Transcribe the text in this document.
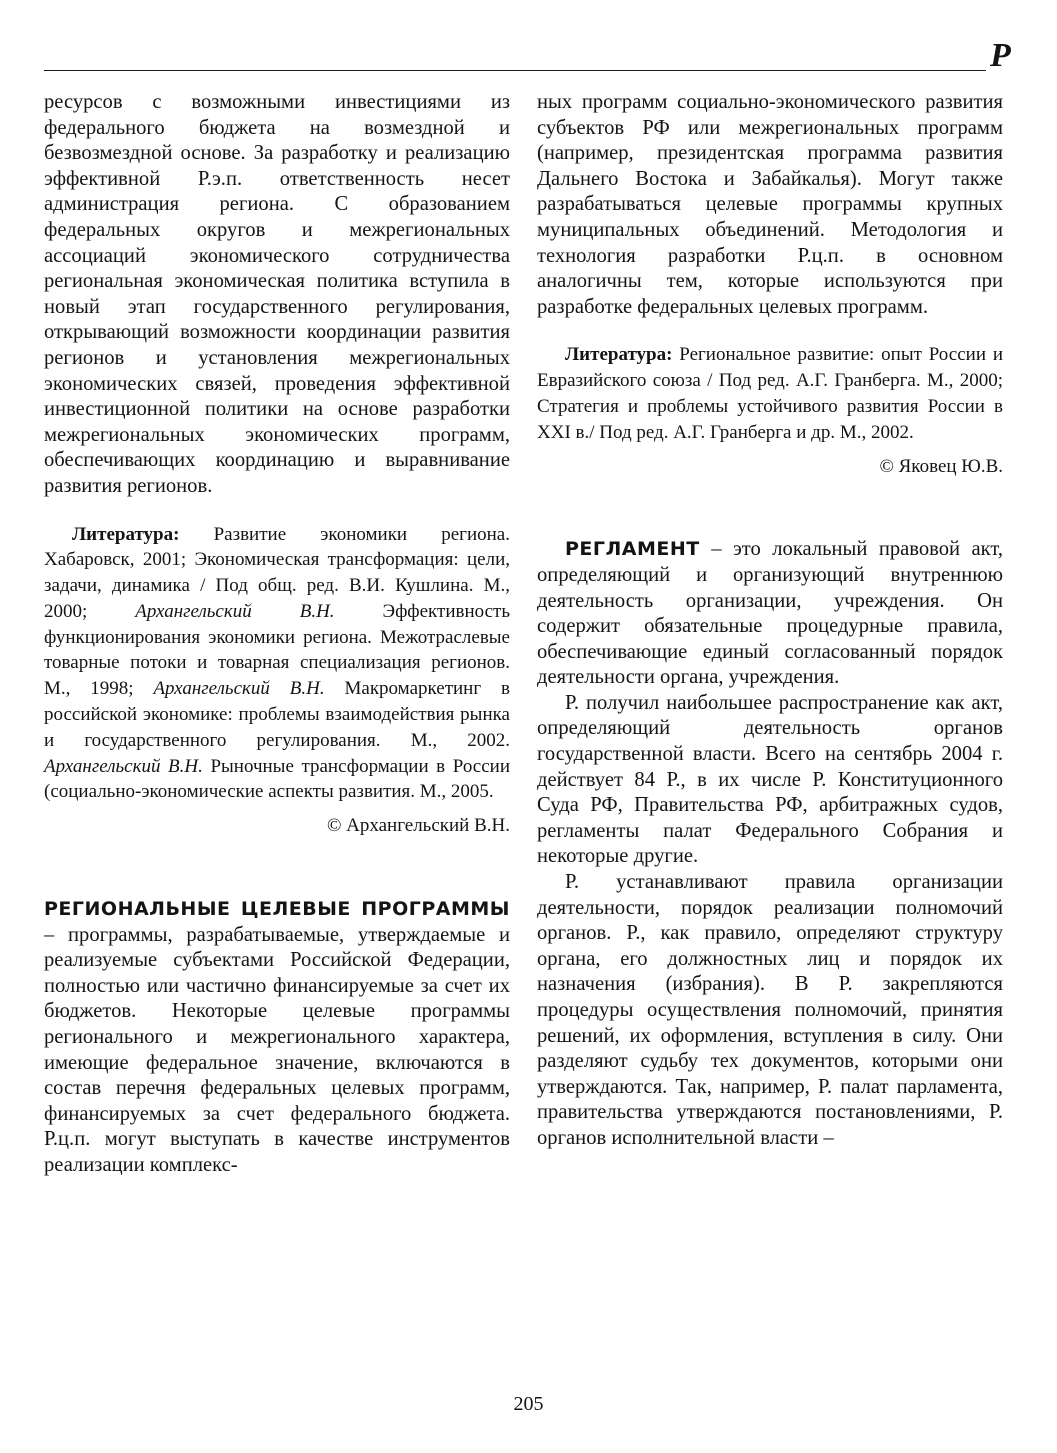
Р

ресурсов с возможными инвестициями из федерального бюджета на возмездной и безвозмездной основе. За разработку и реализацию эффективной Р.э.п. ответственность несет администрация региона. С образованием федеральных округов и межрегиональных ассоциаций экономического сотрудничества региональная экономическая политика вступила в новый этап государственного регулирования, открывающий возможности координации развития регионов и установления межрегиональных экономических связей, проведения эффективной инвестиционной политики на основе разработки межрегиональных экономических программ, обеспечивающих координацию и выравнивание развития регионов.

Литература: Развитие экономики региона. Хабаровск, 2001; Экономическая трансформация: цели, задачи, динамика / Под общ. ред. В.И. Кушлина. М., 2000; Архангельский В.Н. Эффективность функционирования экономики региона. Межотраслевые товарные потоки и товарная специализация регионов. М., 1998; Архангельский В.Н. Макромаркетинг в российской экономике: проблемы взаимодействия рынка и государственного регулирования. М., 2002. Архангельский В.Н. Рыночные трансформации в России (социально-экономические аспекты развития. М., 2005.

© Архангельский В.Н.

РЕГИОНАЛЬНЫЕ ЦЕЛЕВЫЕ ПРОГРАММЫ – программы, разрабатываемые, утверждаемые и реализуемые субъектами Российской Федерации, полностью или частично финансируемые за счет их бюджетов. Некоторые целевые программы регионального и межрегионального характера, имеющие федеральное значение, включаются в состав перечня федеральных целевых программ, финансируемых за счет федерального бюджета. Р.ц.п. могут выступать в качестве инструментов реализации комплекс-

ных программ социально-экономического развития субъектов РФ или межрегиональных программ (например, президентская программа развития Дальнего Востока и Забайкалья). Могут также разрабатываться целевые программы крупных муниципальных объединений. Методология и технология разработки Р.ц.п. в основном аналогичны тем, которые используются при разработке федеральных целевых программ.

Литература: Региональное развитие: опыт России и Евразийского союза / Под ред. А.Г. Гранберга. М., 2000; Стратегия и проблемы устойчивого развития России в XXI в./ Под ред. А.Г. Гранберга и др. М., 2002.

© Яковец Ю.В.

РЕГЛАМЕНТ – это локальный правовой акт, определяющий и организующий внутреннюю деятельность организации, учреждения. Он содержит обязательные процедурные правила, обеспечивающие единый согласованный порядок деятельности органа, учреждения.

Р. получил наибольшее распространение как акт, определяющий деятельность органов государственной власти. Всего на сентябрь 2004 г. действует 84 Р., в их числе Р. Конституционного Суда РФ, Правительства РФ, арбитражных судов, регламенты палат Федерального Собрания и некоторые другие.

Р. устанавливают правила организации деятельности, порядок реализации полномочий органов. Р., как правило, определяют структуру органа, его должностных лиц и порядок их назначения (избрания). В Р. закрепляются процедуры осуществления полномочий, принятия решений, их оформления, вступления в силу. Они разделяют судьбу тех документов, которыми они утверждаются. Так, например, Р. палат парламента, правительства утверждаются постановлениями, Р. органов исполнительной власти –

205
